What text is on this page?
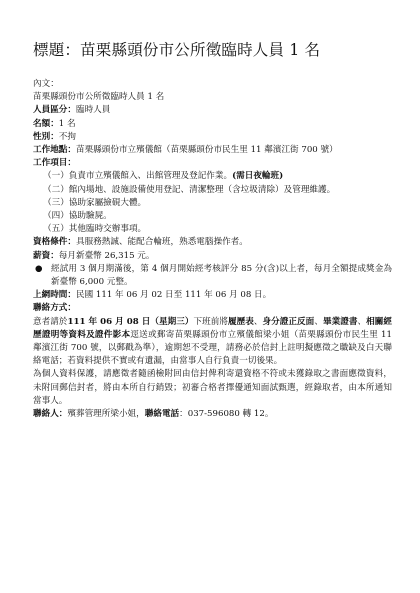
標題：苗栗縣頭份市公所徵臨時人員 1 名
內文：
苗栗縣頭份市公所徵臨時人員 1 名
人員區分：臨時人員
名額：1 名
性別：不拘
工作地點：苗栗縣頭份市立殯儀館（苗栗縣頭份市民生里 11 鄰濱江街 700 號）
工作項目：
（一）負責市立殯儀館入、出館管理及登記作業。(需日夜輪班)
（二）館內場地、設施設備使用登記、清潔整理（含垃圾清除）及管理維護。
（三）協助家屬撿硯大體。
（四）協助驗屍。
（五）其他臨時交辦事項。
資格條件：具服務熱誠、能配合輪班，熟悉電腦操作者。
薪資：每月新臺幣 26,315 元。
● 經試用 3 個月期滿後，第 4 個月開始經考核評分 85 分(含)以上者，每月全額提成獎金為新臺幣 6,000 元整。
上網時間：民國 111 年 06 月 02 日至 111 年 06 月 08 日。
聯絡方式：
意者請於111 年 06 月 08 日（星期三）下班前將履歷表、身分證正反面、畢業證書、相關經歷證明等資料及證件影本逕送或郵寄苗栗縣頭份市立殯儀館梁小姐（苗栗縣頭份市民生里 11 鄰濱江街 700 號，以郵戳為準），逾期恕不受理，請務必於信封上註明擬應徵之職缺及白天聯絡電話；若資料提供不實或有遺漏，由當事人自行負責一切後果。
為個人資料保護，請應徵者隨函檢附回由信封俾利寄還資格不符或未獲錄取之書面應徵資料，未附回郵信封者，將由本所自行銷毀；初審合格者擇優通知面試甄選，經錄取者，由本所通知當事人。
聯絡人：殯葬管理所梁小姐，聯絡電話：037-596080 轉 12。
